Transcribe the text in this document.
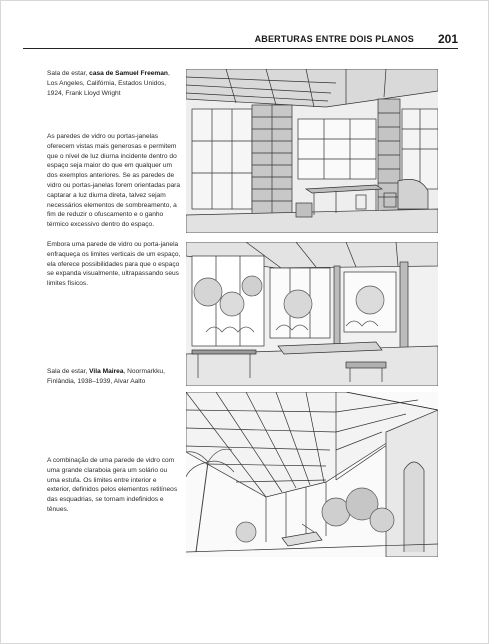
ABERTURAS ENTRE DOIS PLANOS 201
Sala de estar, casa de Samuel Freeman, Los Angeles, Califórnia, Estados Unidos, 1924, Frank Lloyd Wright
As paredes de vidro ou portas-janelas oferecem vistas mais generosas e permitem que o nível de luz diurna incidente dentro do espaço seja maior do que em qualquer um dos exemplos anteriores. Se as paredes de vidro ou portas-janelas forem orientadas para captarar a luz diurna direta, talvez sejam necessários elementos de sombreamento, a fim de reduzir o ofuscamento e o ganho térmico excessivo dentro do espaço.
Embora uma parede de vidro ou porta-janela enfraqueça os limites verticais de um espaço, ela oferece possibilidades para que o espaço se expanda visualmente, ultrapassando seus limites físicos.
Sala de estar, Vila Mairea, Noormarkku, Finlândia, 1938–1939, Alvar Aalto
A combinação de uma parede de vidro com uma grande claraboia gera um solário ou uma estufa. Os limites entre interior e exterior, definidos pelos elementos retilíneos das esquadrias, se tornam indefinidos e tênues.
